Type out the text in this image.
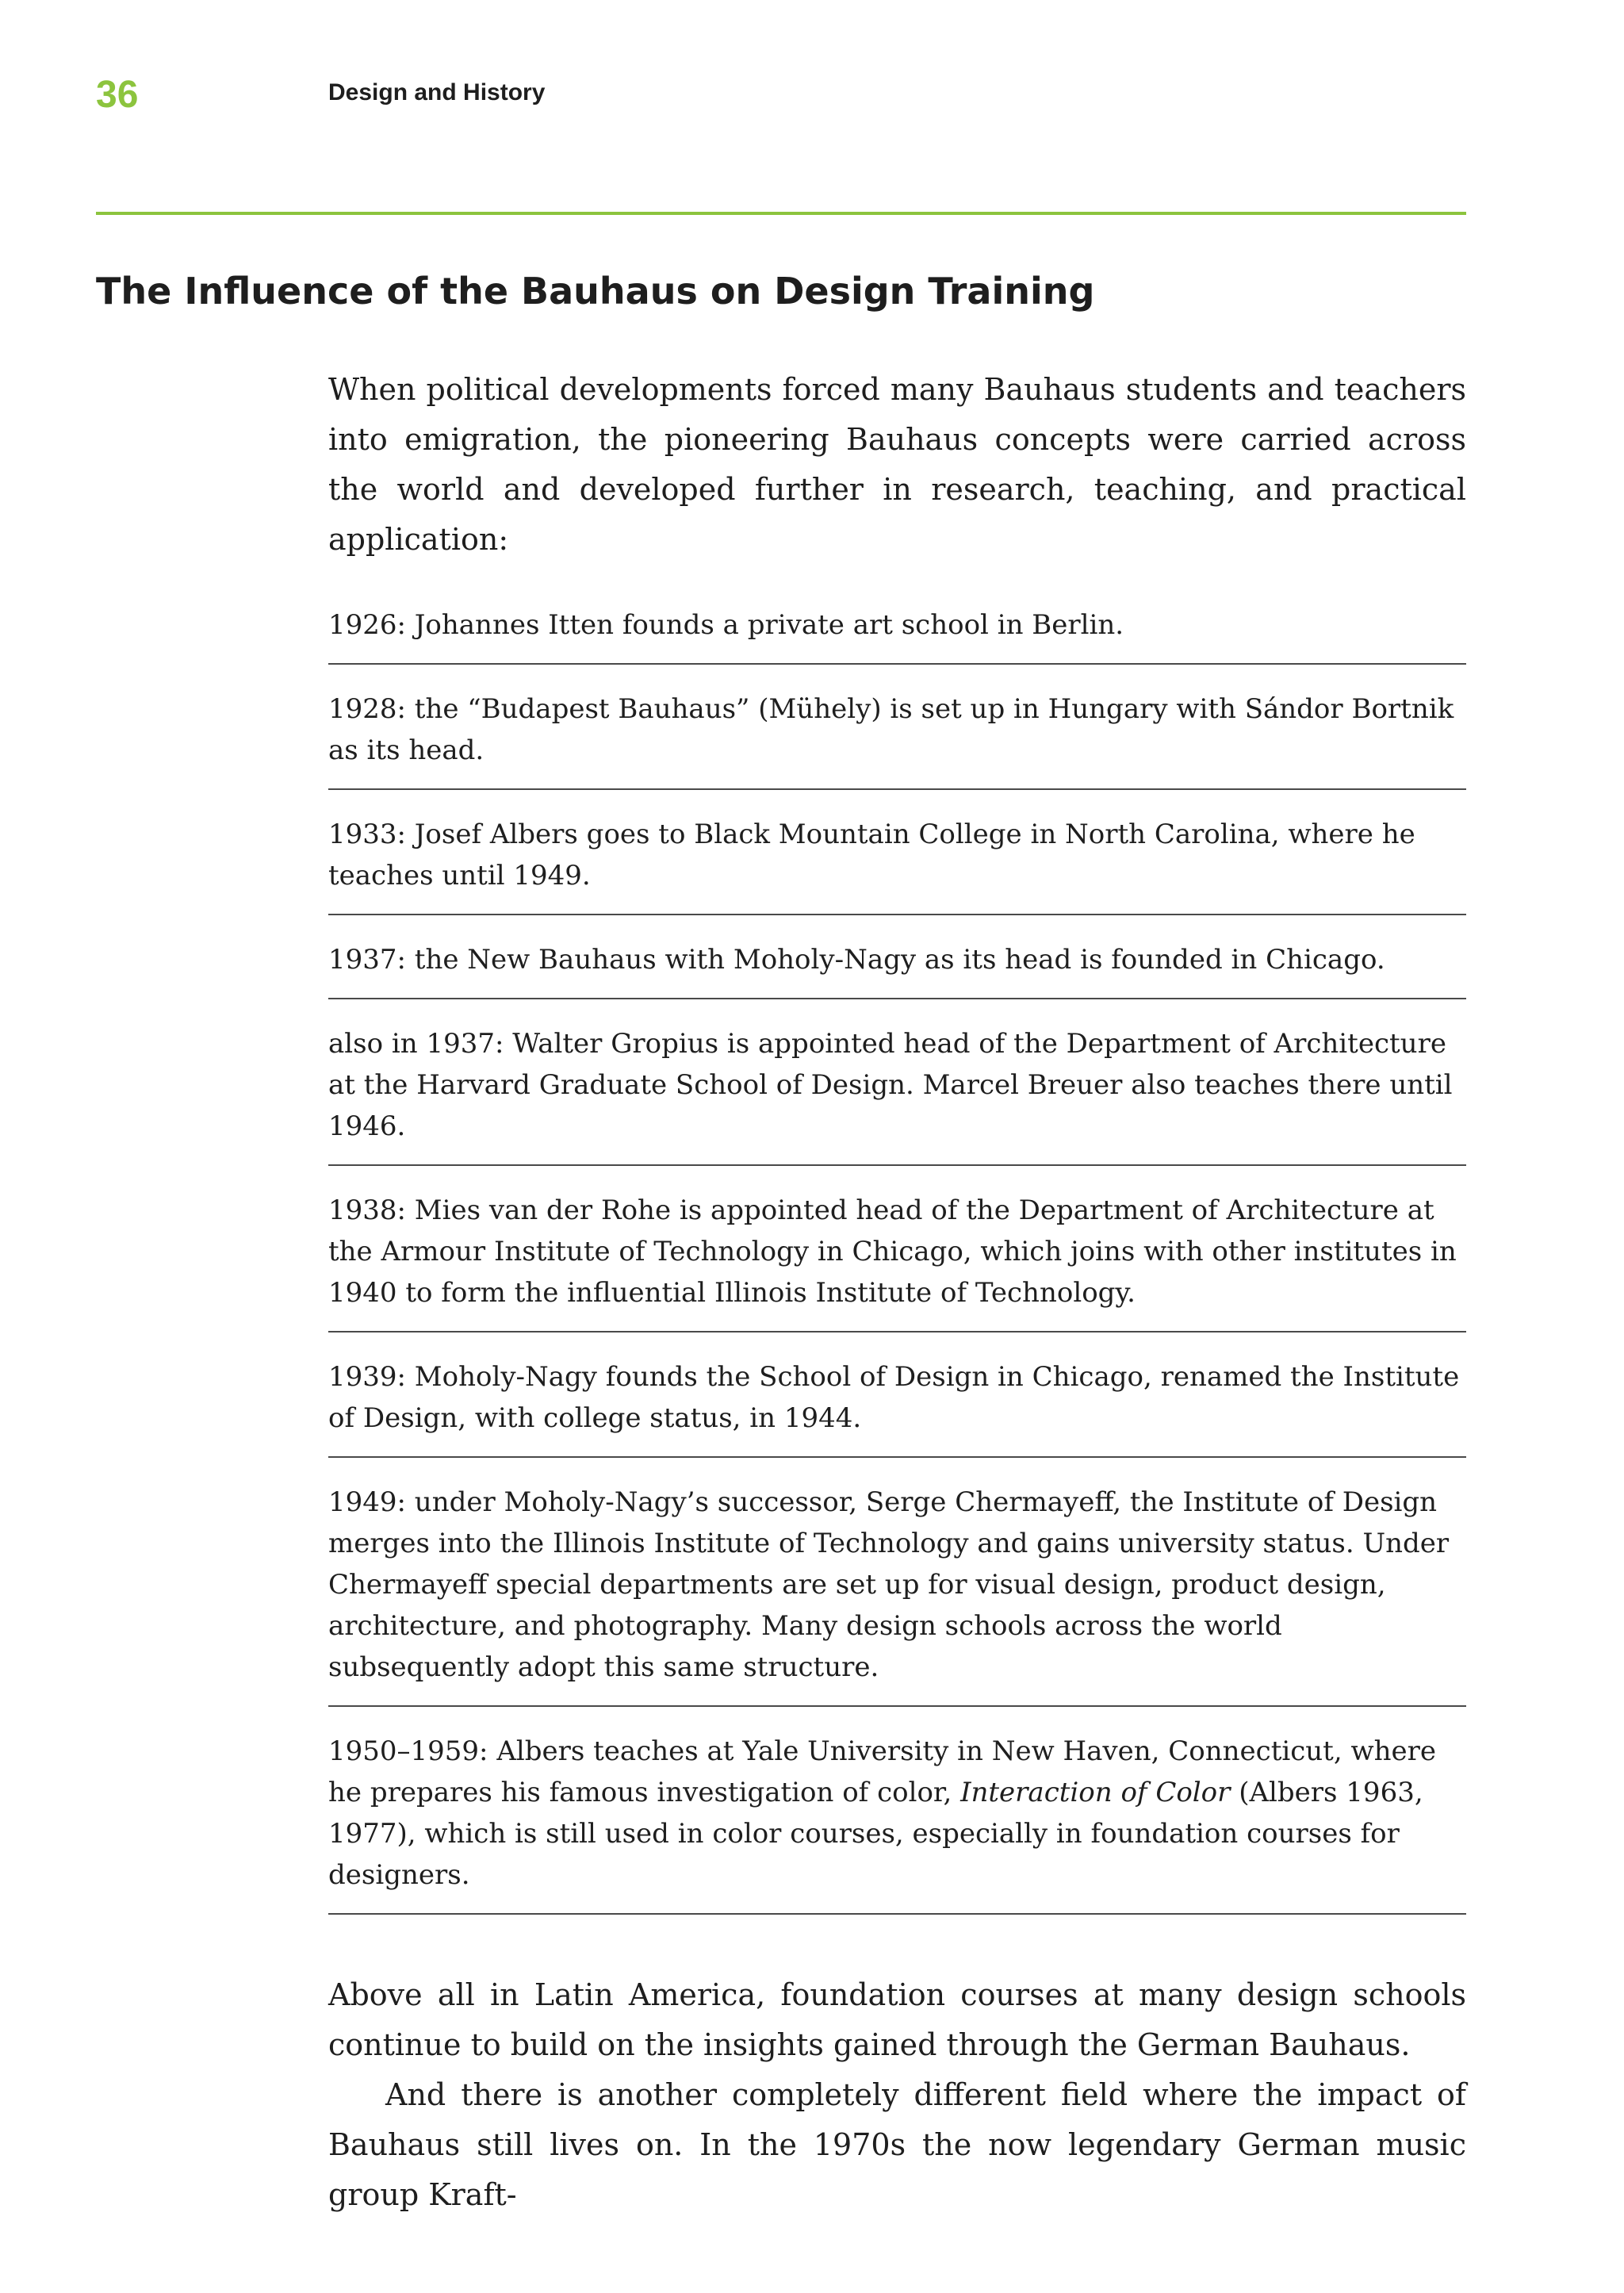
36	Design and History
The Influence of the Bauhaus on Design Training

When political developments forced many Bauhaus students and teachers into emigration, the pioneering Bauhaus concepts were carried across the world and developed further in research, teaching, and practical application:

1926: Johannes Itten founds a private art school in Berlin.
1928: the “Budapest Bauhaus” (Mühely) is set up in Hungary with Sándor Bortnik as its head.
1933: Josef Albers goes to Black Mountain College in North Carolina, where he teaches until 1949.
1937: the New Bauhaus with Moholy-Nagy as its head is founded in Chicago.
also in 1937: Walter Gropius is appointed head of the Department of Architecture at the Harvard Graduate School of Design. Marcel Breuer also teaches there until 1946.
1938: Mies van der Rohe is appointed head of the Department of Architecture at the Armour Institute of Technology in Chicago, which joins with other institutes in 1940 to form the influential Illinois Institute of Technology.
1939: Moholy-Nagy founds the School of Design in Chicago, renamed the Institute of Design, with college status, in 1944.
1949: under Moholy-Nagy’s successor, Serge Chermayeff, the Institute of Design merges into the Illinois Institute of Technology and gains university status. Under Chermayeff special departments are set up for visual design, product design, architecture, and photography. Many design schools across the world subsequently adopt this same structure.
1950–1959: Albers teaches at Yale University in New Haven, Connecticut, where he prepares his famous investigation of color, Interaction of Color (Albers 1963, 1977), which is still used in color courses, especially in foundation courses for designers.

Above all in Latin America, foundation courses at many design schools continue to build on the insights gained through the German Bauhaus.

And there is another completely different field where the impact of Bauhaus still lives on. In the 1970s the now legendary German music group Kraft-
